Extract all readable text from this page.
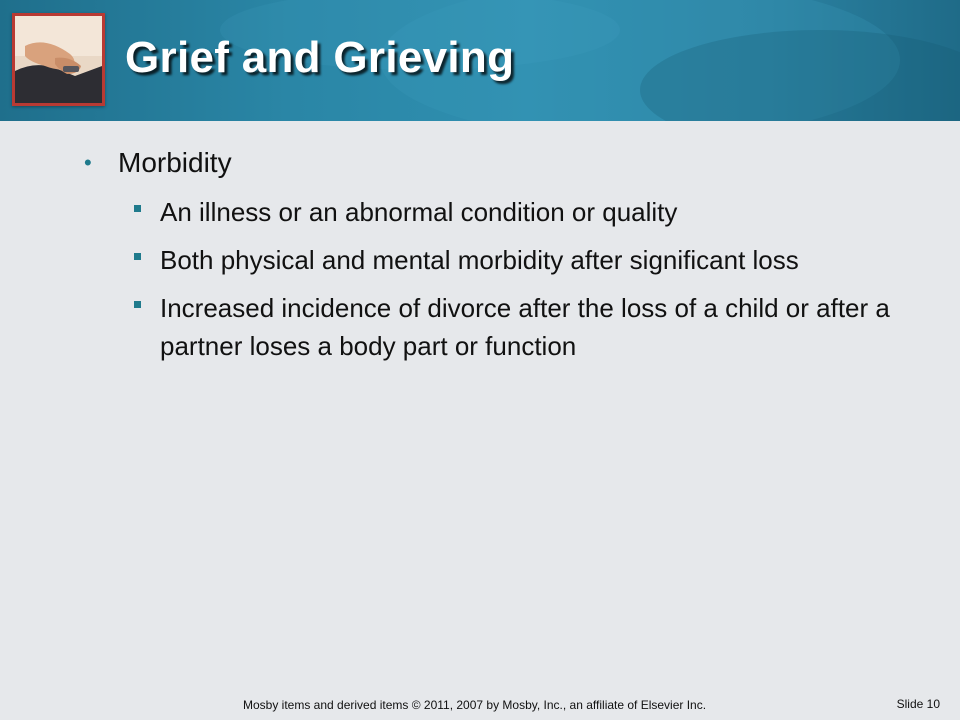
Grief and Grieving
• Morbidity
An illness or an abnormal condition or quality
Both physical and mental morbidity after significant loss
Increased incidence of divorce after the loss of a child or after a partner loses a body part or function
Mosby items and derived items © 2011, 2007 by Mosby, Inc., an affiliate of Elsevier Inc.	Slide 10
